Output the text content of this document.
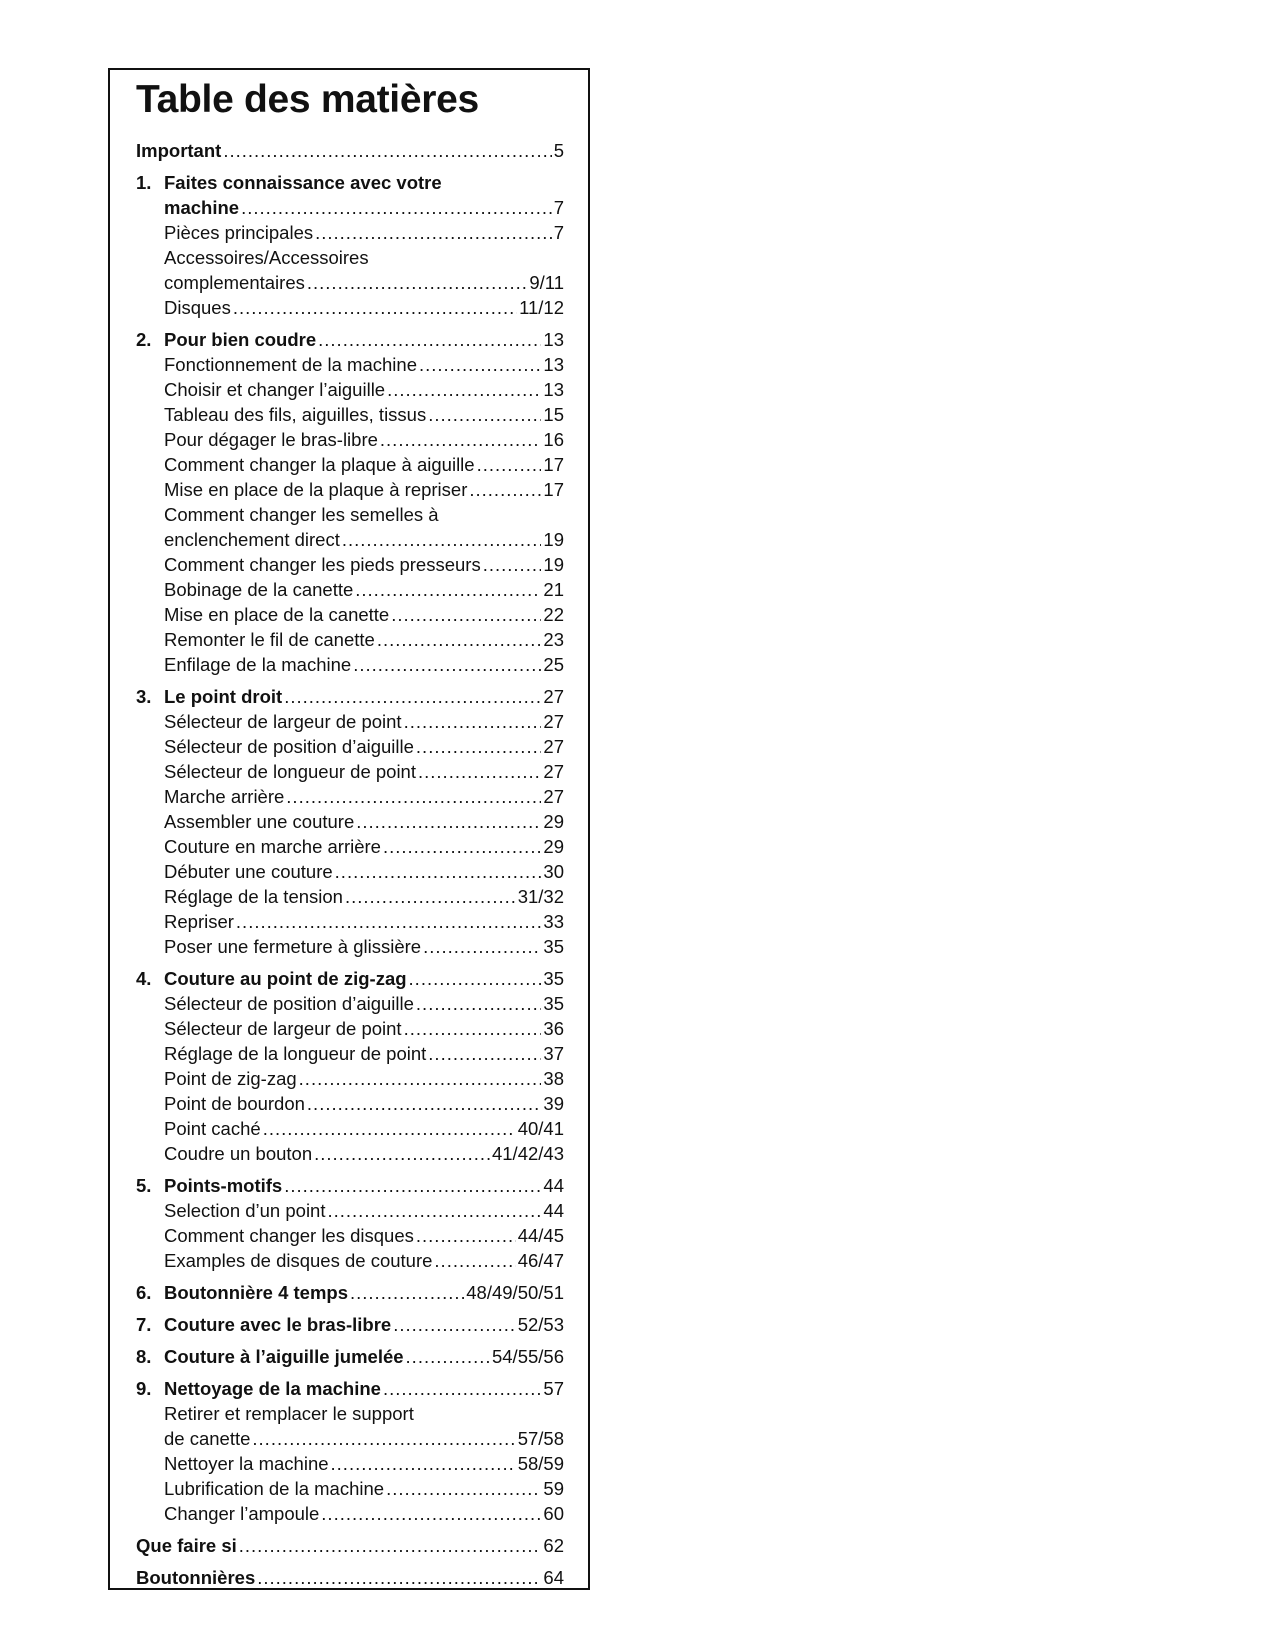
Table des matières
Important .....	5
1. Faites connaissance avec votre
machine .....	7
Pièces principales .....	7
Accessoires/Accessoires
complementaires .....	9/11
Disques .....	11/12
2. Pour bien coudre .....	13
Fonctionnement de la machine .....	13
Choisir et changer l’aiguille .....	13
Tableau des fils, aiguilles, tissus .....	15
Pour dégager le bras-libre .....	16
Comment changer la plaque à aiguille .....	17
Mise en place de la plaque à repriser .....	17
Comment changer les semelles à
enclenchement direct .....	19
Comment changer les pieds presseurs .....	19
Bobinage de la canette .....	21
Mise en place de la canette .....	22
Remonter le fil de canette .....	23
Enfilage de la machine .....	25
3. Le point droit .....	27
Sélecteur de largeur de point .....	27
Sélecteur de position d’aiguille .....	27
Sélecteur de longueur de point .....	27
Marche arrière .....	27
Assembler une couture .....	29
Couture en marche arrière .....	29
Débuter une couture .....	30
Réglage de la tension .....	31/32
Repriser .....	33
Poser une fermeture à glissière .....	35
4. Couture au point de zig-zag .....	35
Sélecteur de position d’aiguille .....	35
Sélecteur de largeur de point .....	36
Réglage de la longueur de point .....	37
Point de zig-zag .....	38
Point de bourdon .....	39
Point caché .....	40/41
Coudre un bouton .....	41/42/43
5. Points-motifs .....	44
Selection d’un point .....	44
Comment changer les disques .....	44/45
Examples de disques de couture .....	46/47
6. Boutonnière 4 temps .....	48/49/50/51
7. Couture avec le bras-libre .....	52/53
8. Couture à l’aiguille jumelée .....	54/55/56
9. Nettoyage de la machine .....	57
Retirer et remplacer le support
de canette .....	57/58
Nettoyer la machine .....	58/59
Lubrification de la machine .....	59
Changer l’ampoule .....	60
Que faire si .....	62
Boutonnières .....	64
